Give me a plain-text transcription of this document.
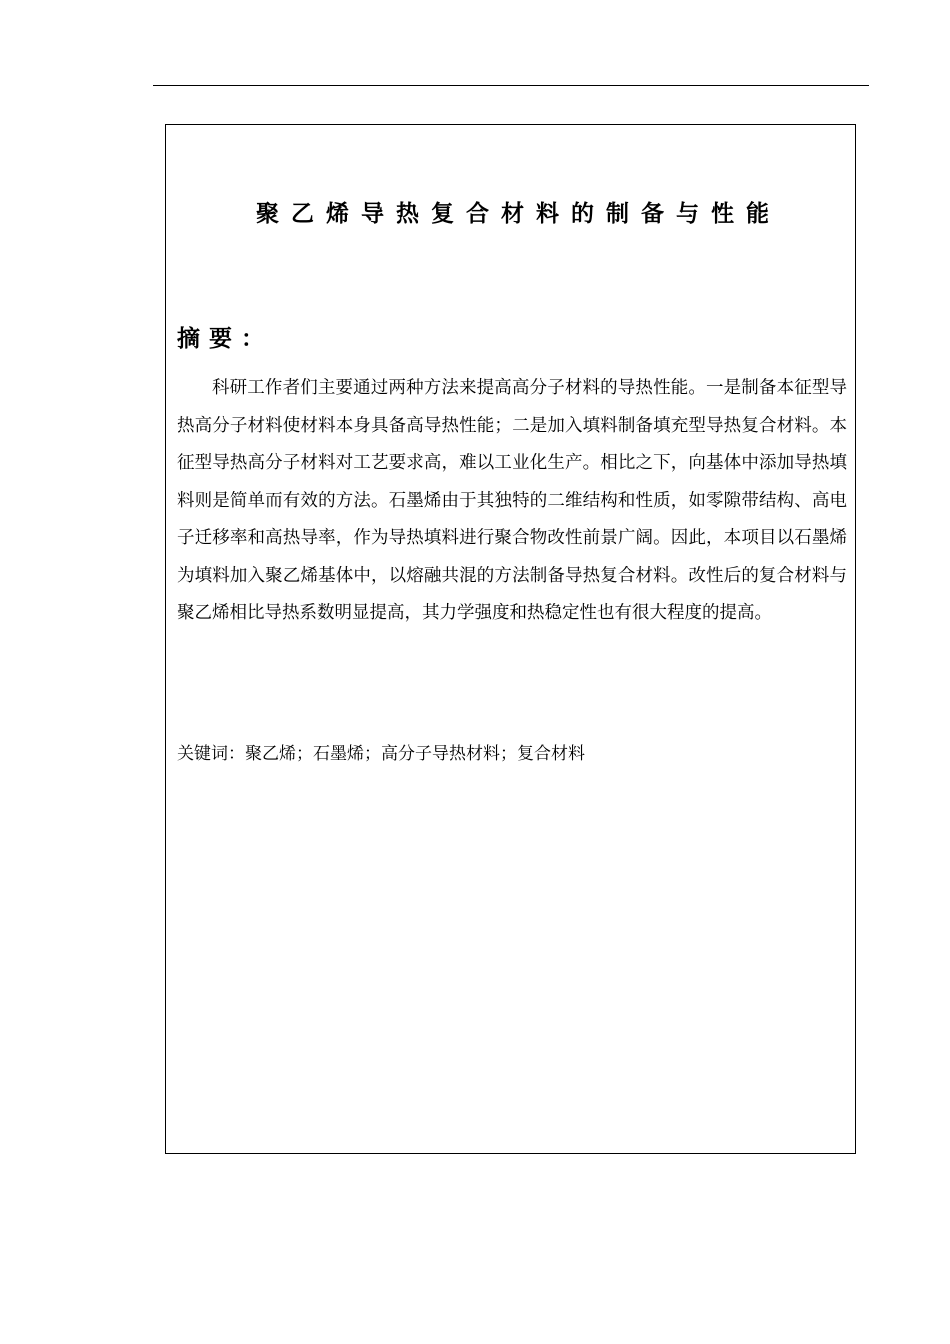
聚乙烯导热复合材料的制备与性能
摘要：

科研工作者们主要通过两种方法来提高高分子材料的导热性能。一是制备本征型导热高分子材料使材料本身具备高导热性能；二是加入填料制备填充型导热复合材料。本征型导热高分子材料对工艺要求高，难以工业化生产。相比之下，向基体中添加导热填料则是简单而有效的方法。石墨烯由于其独特的二维结构和性质，如零隙带结构、高电子迁移率和高热导率，作为导热填料进行聚合物改性前景广阔。因此，本项目以石墨烯为填料加入聚乙烯基体中，以熔融共混的方法制备导热复合材料。改性后的复合材料与聚乙烯相比导热系数明显提高，其力学强度和热稳定性也有很大程度的提高。

关键词：聚乙烯；石墨烯；高分子导热材料；复合材料
